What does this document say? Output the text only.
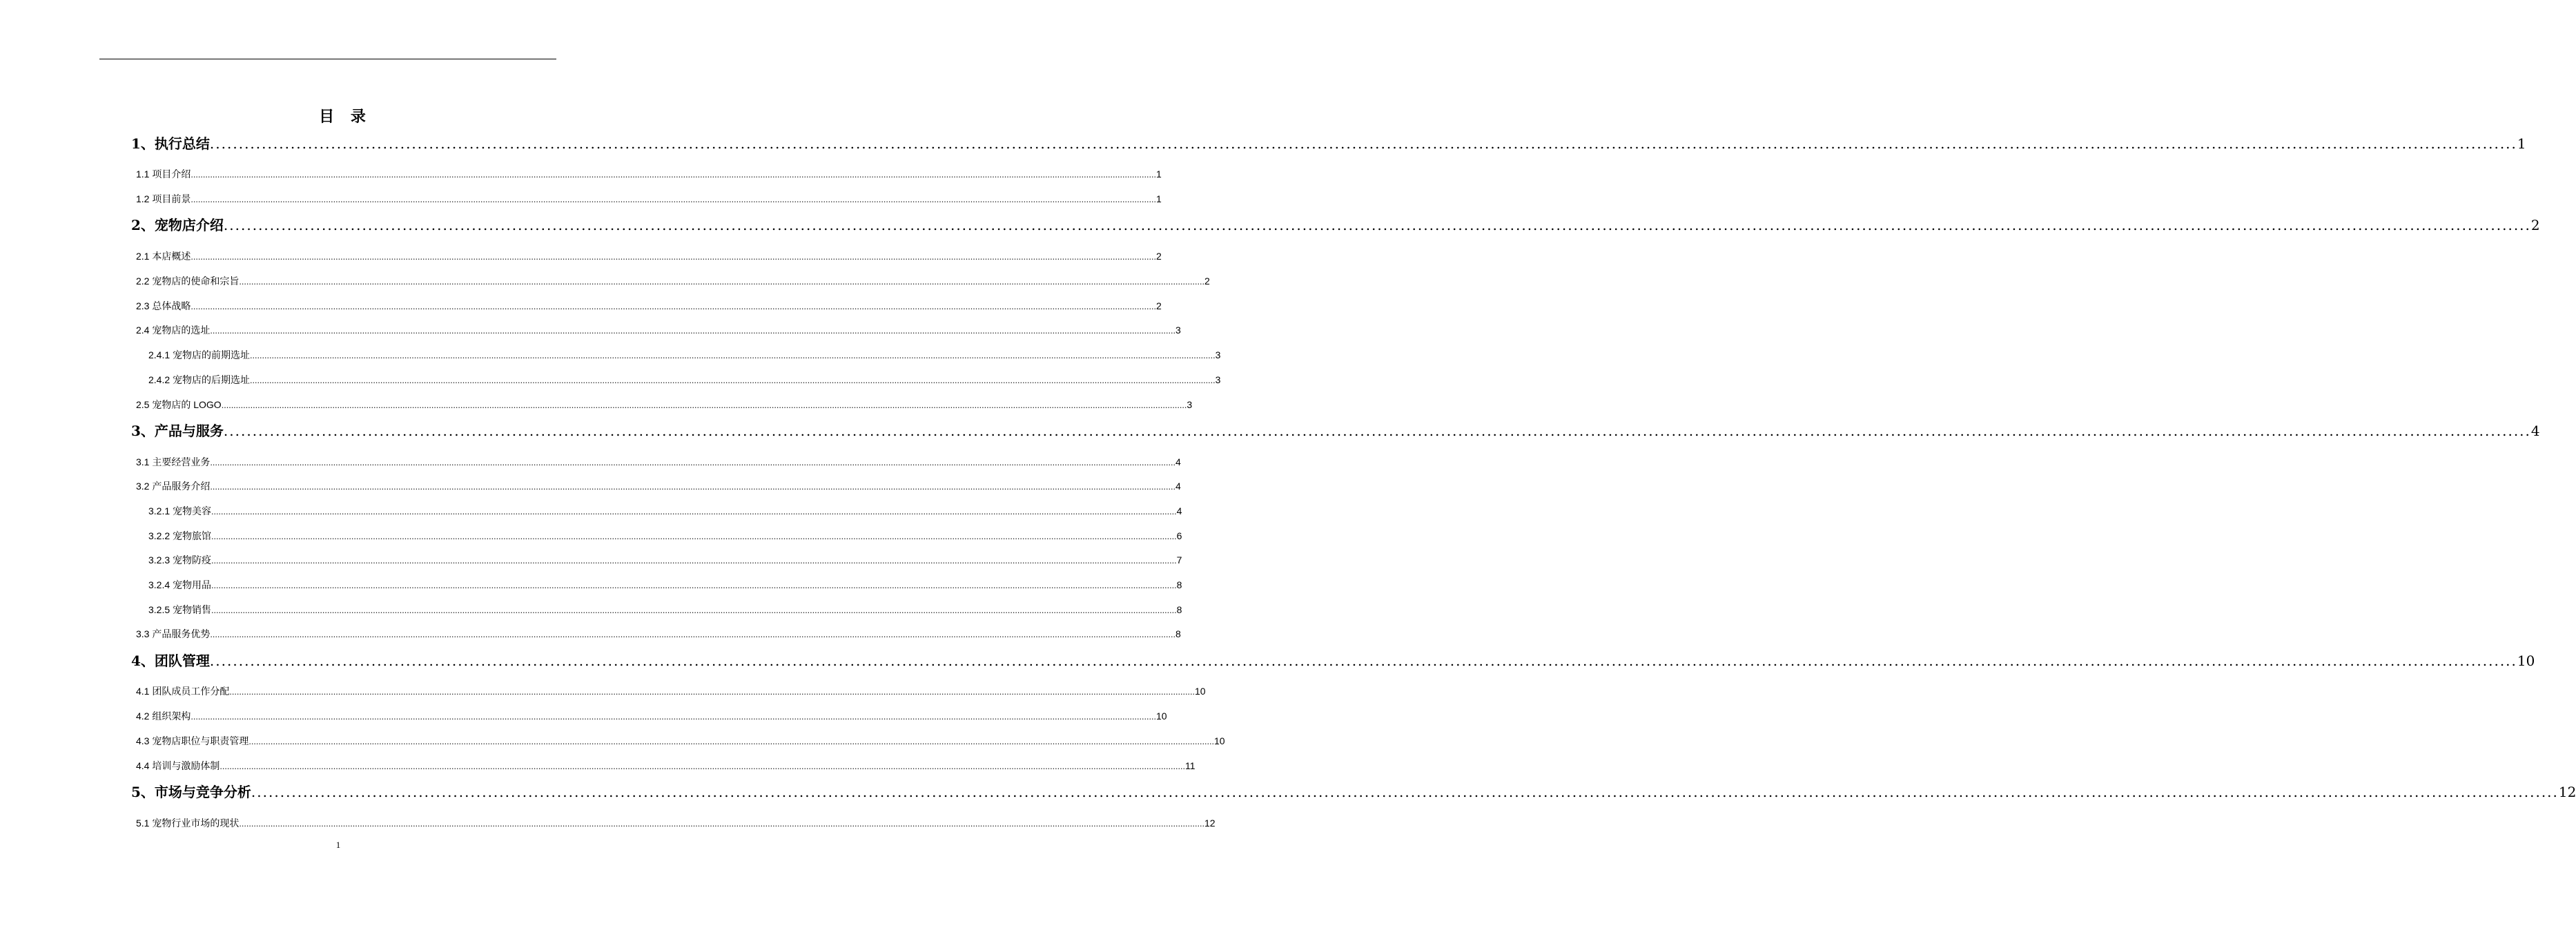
目 录
1、执行总结 ................................................................................................................................................................................................................................................................................................................................................................................................................ 1
1.1 项目介绍 ................................................................................................................................................................................................................................................................................................................................................................................................................ 1
1.2 项目前景 ................................................................................................................................................................................................................................................................................................................................................................................................................ 1
2、宠物店介绍 ................................................................................................................................................................................................................................................................................................................................................................................................................ 2
2.1 本店概述 ................................................................................................................................................................................................................................................................................................................................................................................................................ 2
2.2 宠物店的使命和宗旨 ................................................................................................................................................................................................................................................................................................................................................................................................................ 2
2.3 总体战略 ................................................................................................................................................................................................................................................................................................................................................................................................................ 2
2.4 宠物店的选址 ................................................................................................................................................................................................................................................................................................................................................................................................................ 3
2.4.1 宠物店的前期选址 ................................................................................................................................................................................................................................................................................................................................................................................................................ 3
2.4.2 宠物店的后期选址 ................................................................................................................................................................................................................................................................................................................................................................................................................ 3
2.5 宠物店的 LOGO ................................................................................................................................................................................................................................................................................................................................................................................................................ 3
3、产品与服务 ................................................................................................................................................................................................................................................................................................................................................................................................................ 4
3.1 主要经营业务 ................................................................................................................................................................................................................................................................................................................................................................................................................ 4
3.2 产品服务介绍 ................................................................................................................................................................................................................................................................................................................................................................................................................ 4
3.2.1 宠物美容 ................................................................................................................................................................................................................................................................................................................................................................................................................ 4
3.2.2 宠物旅馆 ................................................................................................................................................................................................................................................................................................................................................................................................................ 6
3.2.3 宠物防疫 ................................................................................................................................................................................................................................................................................................................................................................................................................ 7
3.2.4 宠物用品 ................................................................................................................................................................................................................................................................................................................................................................................................................ 8
3.2.5 宠物销售 ................................................................................................................................................................................................................................................................................................................................................................................................................ 8
3.3 产品服务优势 ................................................................................................................................................................................................................................................................................................................................................................................................................ 8
4、团队管理 ................................................................................................................................................................................................................................................................................................................................................................................................................ 10
4.1 团队成员工作分配 ................................................................................................................................................................................................................................................................................................................................................................................................................ 10
4.2 组织架构 ................................................................................................................................................................................................................................................................................................................................................................................................................ 10
4.3 宠物店职位与职责管理 ................................................................................................................................................................................................................................................................................................................................................................................................................ 10
4.4 培训与激励体制 ................................................................................................................................................................................................................................................................................................................................................................................................................ 11
5、市场与竞争分析 ................................................................................................................................................................................................................................................................................................................................................................................................................ 12
5.1 宠物行业市场的现状 ................................................................................................................................................................................................................................................................................................................................................................................................................ 12
1
